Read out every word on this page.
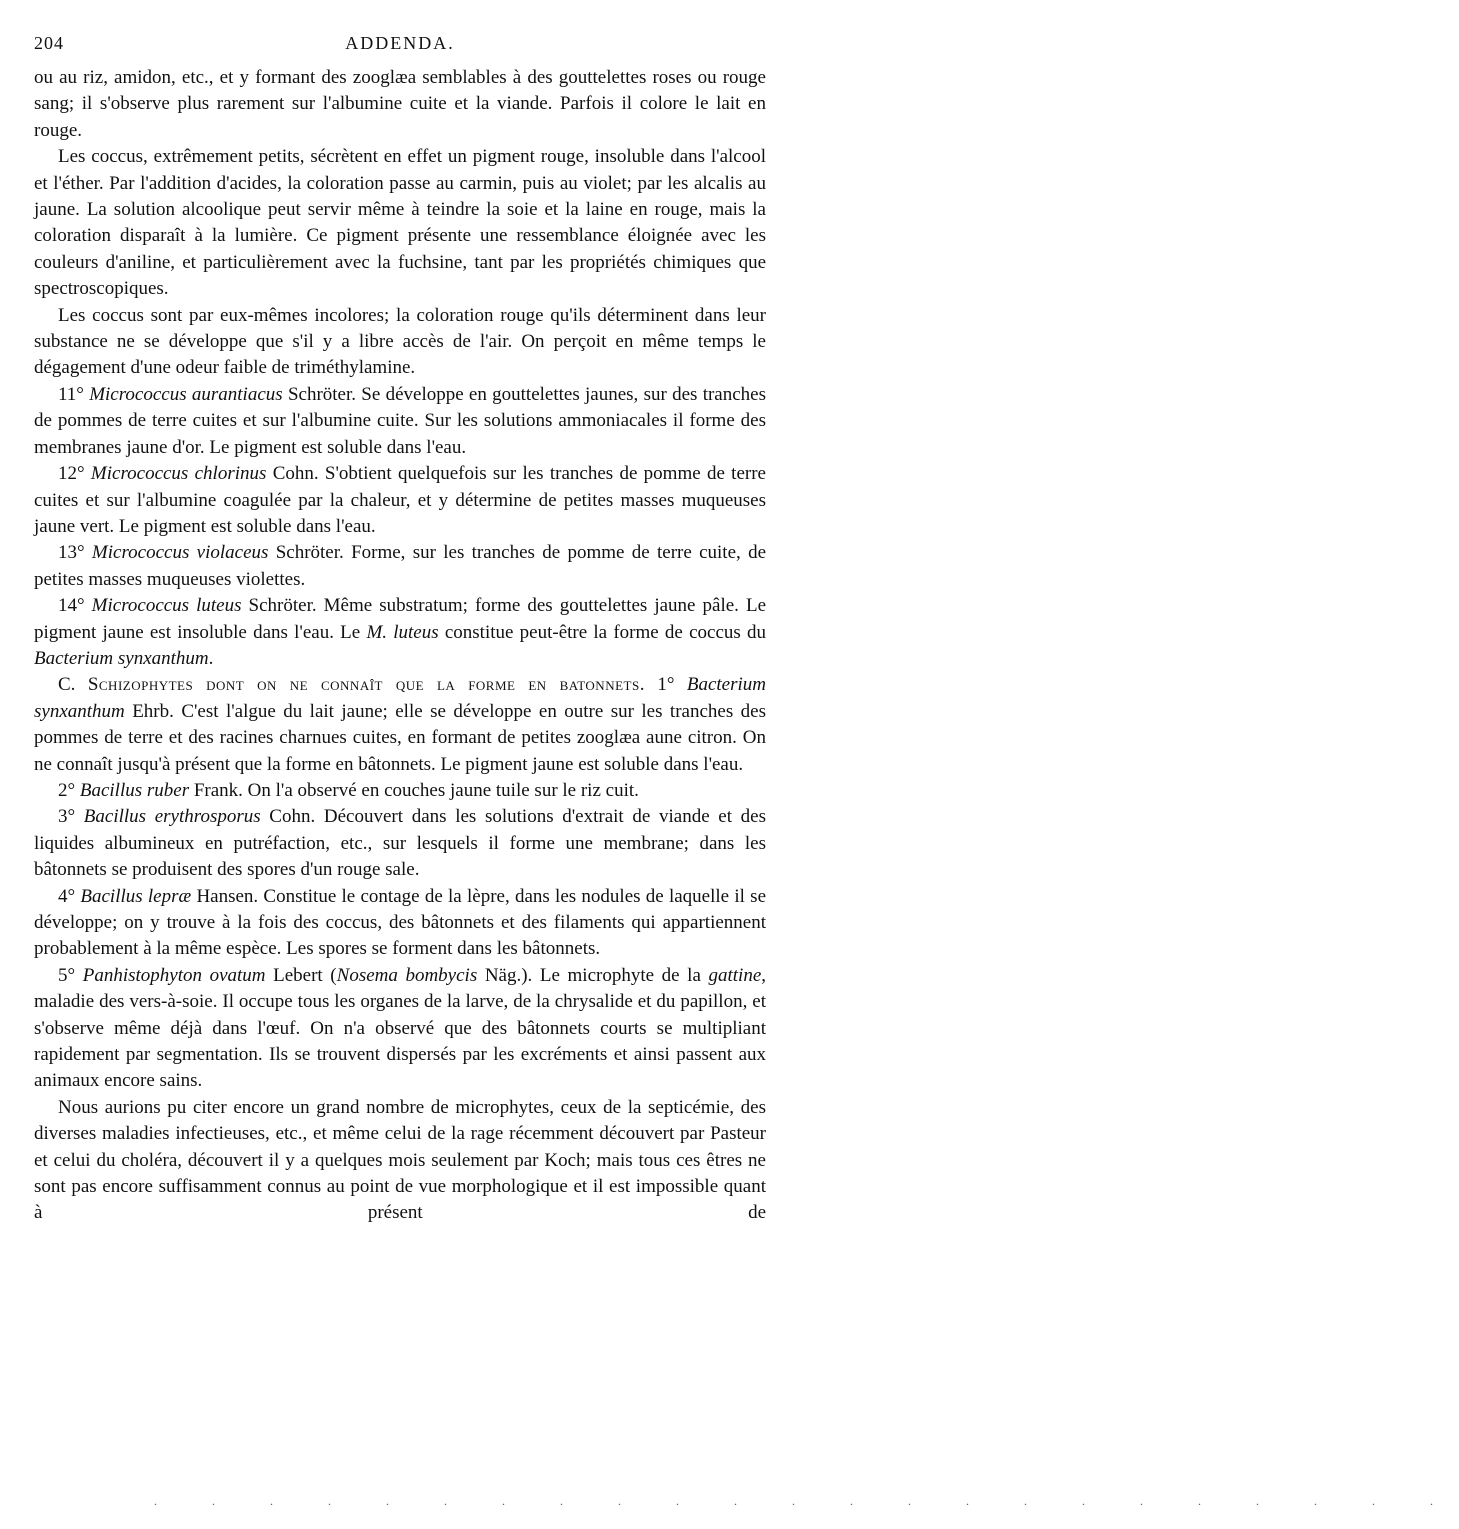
204	ADDENDA.

ou au riz, amidon, etc., et y formant des zooglæa semblables à des gouttelettes roses ou rouge sang; il s'observe plus rarement sur l'albumine cuite et la viande. Parfois il colore le lait en rouge.

Les coccus, extrêmement petits, sécrètent en effet un pigment rouge, insoluble dans l'alcool et l'éther. Par l'addition d'acides, la coloration passe au carmin, puis au violet; par les alcalis au jaune. La solution alcoolique peut servir même à teindre la soie et la laine en rouge, mais la coloration disparaît à la lumière. Ce pigment présente une ressemblance éloignée avec les couleurs d'aniline, et particulièrement avec la fuchsine, tant par les propriétés chimiques que spectroscopiques.

Les coccus sont par eux-mêmes incolores; la coloration rouge qu'ils déterminent dans leur substance ne se développe que s'il y a libre accès de l'air. On perçoit en même temps le dégagement d'une odeur faible de triméthylamine.

11° Micrococcus aurantiacus Schröter. Se développe en gouttelettes jaunes, sur des tranches de pommes de terre cuites et sur l'albumine cuite. Sur les solutions ammoniacales il forme des membranes jaune d'or. Le pigment est soluble dans l'eau.

12° Micrococcus chlorinus Cohn. S'obtient quelquefois sur les tranches de pomme de terre cuites et sur l'albumine coagulée par la chaleur, et y détermine de petites masses muqueuses jaune vert. Le pigment est soluble dans l'eau.

13° Micrococcus violaceus Schröter. Forme, sur les tranches de pomme de terre cuite, de petites masses muqueuses violettes.

14° Micrococcus luteus Schröter. Même substratum; forme des gouttelettes jaune pâle. Le pigment jaune est insoluble dans l'eau. Le M. luteus constitue peut-être la forme de coccus du Bacterium synxanthum.

C. Schizophytes dont on ne connaît que la forme en batonnets. 1° Bacterium synxanthum Ehrb. C'est l'algue du lait jaune; elle se développe en outre sur les tranches des pommes de terre et des racines charnues cuites, en formant de petites zooglæa aune citron. On ne connaît jusqu'à présent que la forme en bâtonnets. Le pigment jaune est soluble dans l'eau.

2° Bacillus ruber Frank. On l'a observé en couches jaune tuile sur le riz cuit.

3° Bacillus erythrosporus Cohn. Découvert dans les solutions d'extrait de viande et des liquides albumineux en putréfaction, etc., sur lesquels il forme une membrane; dans les bâtonnets se produisent des spores d'un rouge sale.

4° Bacillus lepræ Hansen. Constitue le contage de la lèpre, dans les nodules de laquelle il se développe; on y trouve à la fois des coccus, des bâtonnets et des filaments qui appartiennent probablement à la même espèce. Les spores se forment dans les bâtonnets.

5° Panhistophyton ovatum Lebert (Nosema bombycis Näg.). Le microphyte de la gattine, maladie des vers-à-soie. Il occupe tous les organes de la larve, de la chrysalide et du papillon, et s'observe même déjà dans l'œuf. On n'a observé que des bâtonnets courts se multipliant rapidement par segmentation. Ils se trouvent dispersés par les excréments et ainsi passent aux animaux encore sains.

Nous aurions pu citer encore un grand nombre de microphytes, ceux de la septicémie, des diverses maladies infectieuses, etc., et même celui de la rage récemment découvert par Pasteur et celui du choléra, découvert il y a quelques mois seulement par Koch; mais tous ces êtres ne sont pas encore suffisamment connus au point de vue morphologique et il est impossible quant à présent de

. . . . . . . . . . . . . . . . . . . . . . .
